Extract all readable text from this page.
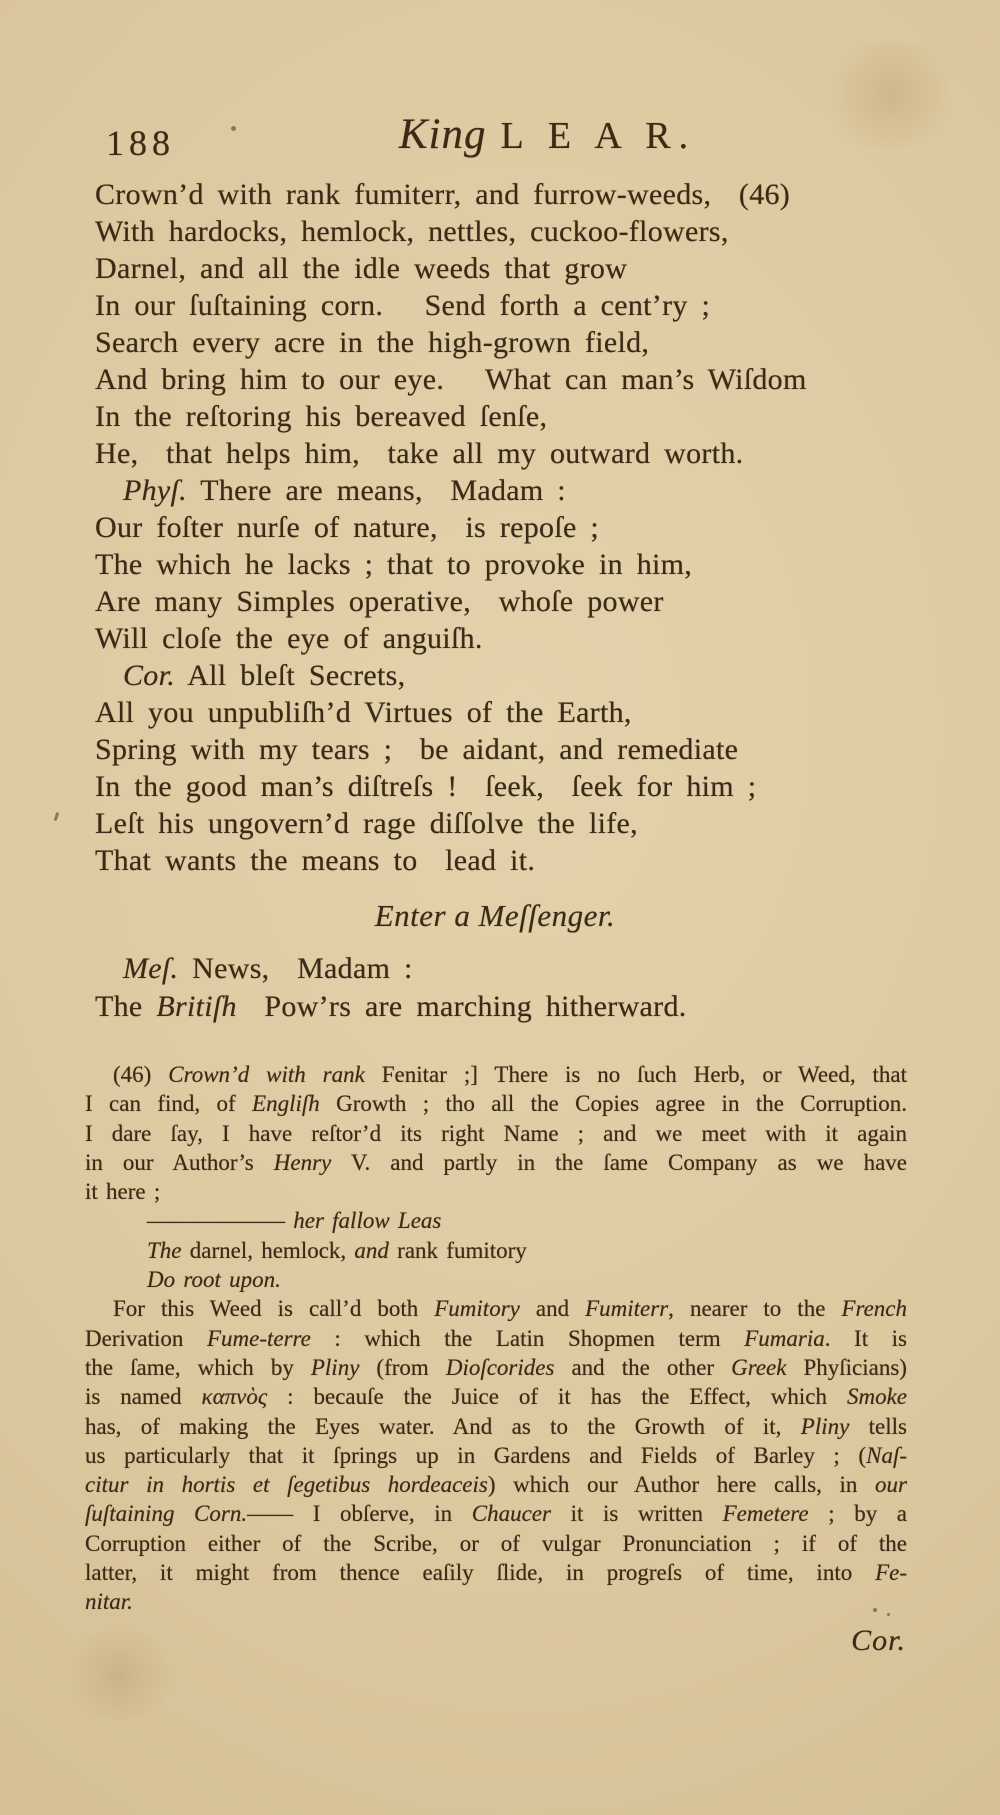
188	King L E A R.
Crown’d with rank fumiterr, and furrow-weeds,  (46)
With hardocks, hemlock, nettles, cuckoo-flowers,
Darnel, and all the idle weeds that grow
In our ſuſtaining corn.   Send forth a cent’ry ;
Search every acre in the high-grown field,
And bring him to our eye.   What can man’s Wiſdom
In the reſtoring his bereaved ſenſe,
He,  that helps him,  take all my outward worth.
Phyſ. There are means,  Madam :
Our foſter nurſe of nature,  is repoſe ;
The which he lacks ; that to provoke in him,
Are many Simples operative,  whoſe power
Will cloſe the eye of anguiſh.
Cor. All bleſt Secrets,
All you unpubliſh’d Virtues of the Earth,
Spring with my tears ;  be aidant, and remediate
In the good man’s diſtreſs !  ſeek,  ſeek for him ;
Leſt his ungovern’d rage diſſolve the life,
That wants the means to  lead it.
Enter a Meſſenger.
Meſ. News,  Madam :
The Britiſh  Pow’rs are marching hitherward.
(46) Crown’d with rank Fenitar ;] There is no ſuch Herb, or Weed, that
I can find, of Engliſh Growth ; tho all the Copies agree in the Corruption.
I dare ſay, I have reſtor’d its right Name ; and we meet with it again
in our Author’s Henry V. and partly in the ſame Company as we have
it here ;
—————— her fallow Leas
The darnel, hemlock, and rank fumitory
Do root upon.
For this Weed is call’d both Fumitory and Fumiterr, nearer to the French
Derivation Fume-terre : which the Latin Shopmen term Fumaria. It is
the ſame, which by Pliny (from Dioſcorides and the other Greek Phyſicians)
is named καπνὸς : becauſe the Juice of it has the Effect, which Smoke
has, of making the Eyes water. And as to the Growth of it, Pliny tells
us particularly that it ſprings up in Gardens and Fields of Barley ; (Naſ-
citur in hortis et ſegetibus hordeaceis) which our Author here calls, in our
ſuſtaining Corn.—— I obſerve, in Chaucer it is written Femetere ; by a
Corruption either of the Scribe, or of vulgar Pronunciation ; if of the
latter, it might from thence eaſily ſlide, in progreſs of time, into Fe-
nitar.
Cor.
